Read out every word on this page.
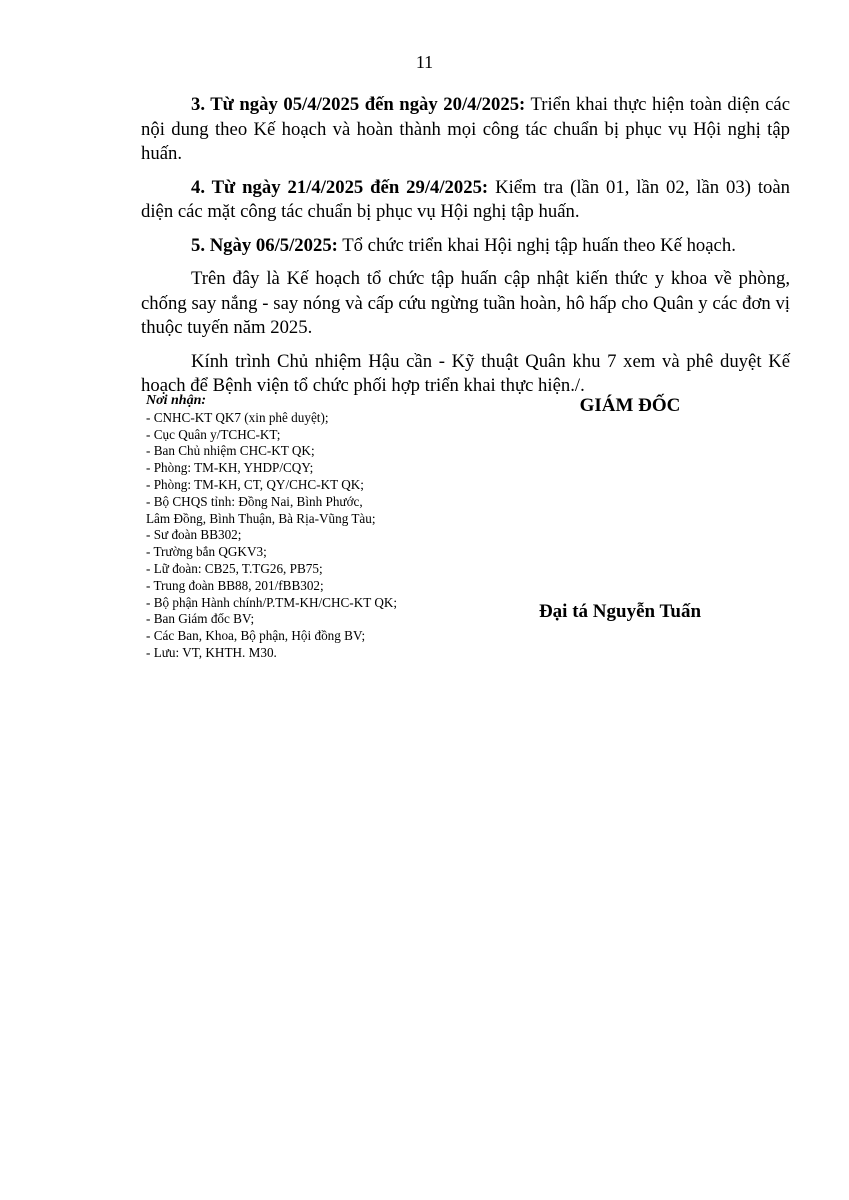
11

3. Từ ngày 05/4/2025 đến ngày 20/4/2025: Triển khai thực hiện toàn diện các nội dung theo Kế hoạch và hoàn thành mọi công tác chuẩn bị phục vụ Hội nghị tập huấn.

4. Từ ngày 21/4/2025 đến 29/4/2025: Kiểm tra (lần 01, lần 02, lần 03) toàn diện các mặt công tác chuẩn bị phục vụ Hội nghị tập huấn.

5. Ngày 06/5/2025: Tổ chức triển khai Hội nghị tập huấn theo Kế hoạch.

Trên đây là Kế hoạch tổ chức tập huấn cập nhật kiến thức y khoa về phòng, chống say nắng - say nóng và cấp cứu ngừng tuần hoàn, hô hấp cho Quân y các đơn vị thuộc tuyến năm 2025.

Kính trình Chủ nhiệm Hậu cần - Kỹ thuật Quân khu 7 xem và phê duyệt Kế hoạch để Bệnh viện tổ chức phối hợp triển khai thực hiện./.

Nơi nhận:
- CNHC-KT QK7 (xin phê duyệt);
- Cục Quân y/TCHC-KT;
- Ban Chủ nhiệm CHC-KT QK;
- Phòng: TM-KH, YHDP/CQY;
- Phòng: TM-KH, CT, QY/CHC-KT QK;
- Bộ CHQS tỉnh: Đồng Nai, Bình Phước,
Lâm Đồng, Bình Thuận, Bà Rịa-Vũng Tàu;
- Sư đoàn BB302;
- Trường bắn QGKV3;
- Lữ đoàn: CB25, T.TG26, PB75;
- Trung đoàn BB88, 201/fBB302;
- Bộ phận Hành chính/P.TM-KH/CHC-KT QK;
- Ban Giám đốc BV;
- Các Ban, Khoa, Bộ phận, Hội đồng BV;
- Lưu: VT, KHTH. M30.
GIÁM ĐỐC
Đại tá Nguyễn Tuấn
